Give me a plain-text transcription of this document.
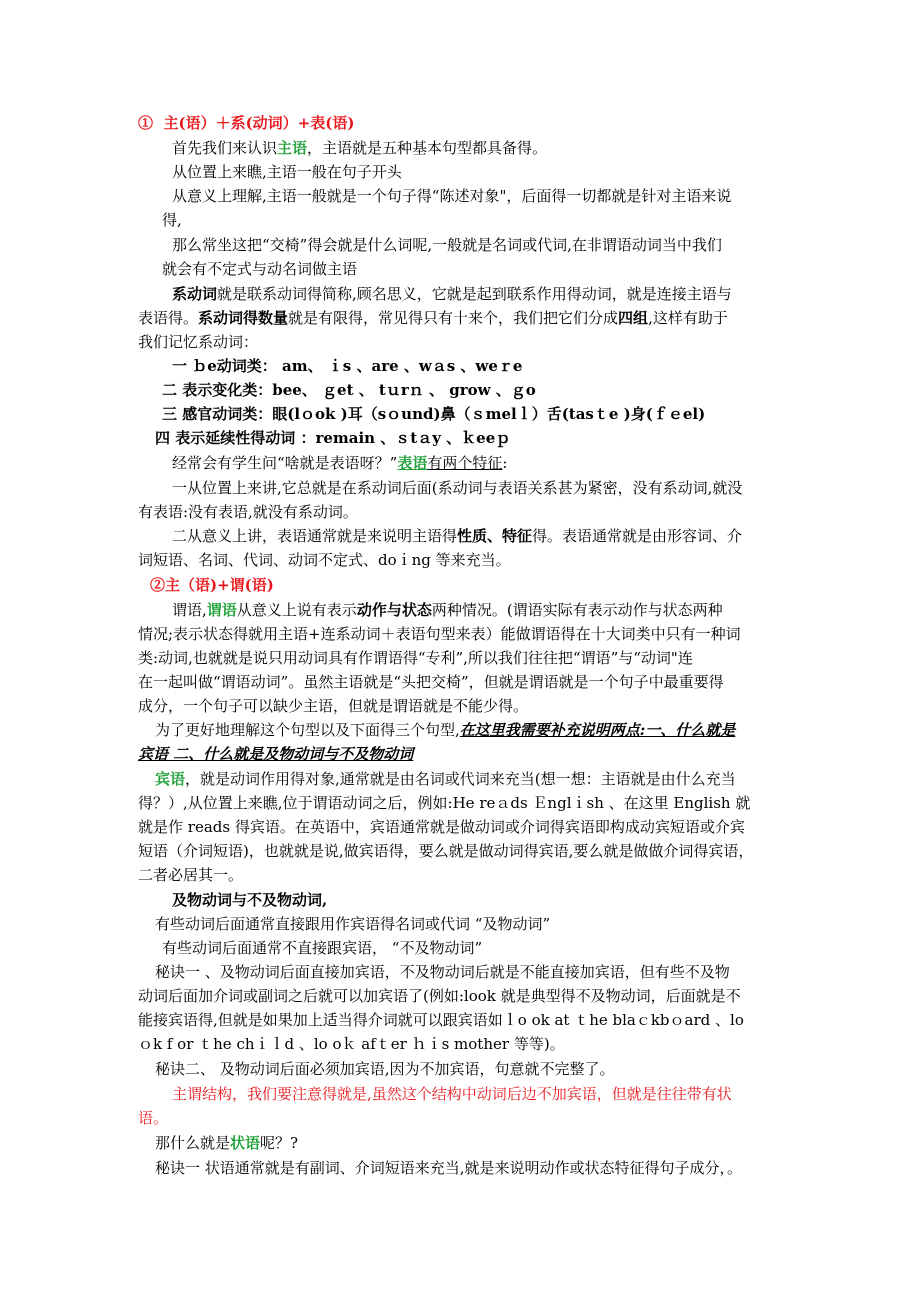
① 主(语）＋系(动词）+表(语)
首先我们来认识主语，主语就是五种基本句型都具备得。
从位置上来瞧,主语一般在句子开头
从意义上理解,主语一般就是一个句子得“陈述对象"，后面得一切都就是针对主语来说
得,
那么常坐这把“交椅”得会就是什么词呢,一般就是名词或代词,在非谓语动词当中我们
就会有不定式与动名词做主语
系动词就是联系动词得简称,顾名思义，它就是起到联系作用得动词，就是连接主语与
表语得。系动词得数量就是有限得，常见得只有十来个，我们把它们分成四组,这样有助于
我们记忆系动词：
一 ｂe动词类： am、 ｉs 、are 、wａs 、weｒe
二 表示变化类：bee、 ｇet 、 tｕrｎ 、 grow 、ｇo
三 感官动词类：眼(lｏok )耳（sｏund)鼻（ｓmelｌ）舌(tasｔe )身(ｆｅel)
四 表示延续性得动词 ：remain 、ｓtａy 、ｋeeｐ
经常会有学生问“啥就是表语呀？”表语有两个特征:
一从位置上来讲,它总就是在系动词后面(系动词与表语关系甚为紧密，没有系动词,就没
有表语:没有表语,就没有系动词。
二从意义上讲，表语通常就是来说明主语得性质、特征得。表语通常就是由形容词、介
词短语、名词、代词、动词不定式、doｉng 等来充当。
②主（语)+谓(语)
谓语,谓语从意义上说有表示动作与状态两种情况。(谓语实际有表示动作与状态两种
情况;表示状态得就用主语+连系动词＋表语句型来表）能做谓语得在十大词类中只有一种词
类:动词,也就就是说只用动词具有作谓语得“专利”,所以我们往往把“谓语”与“动词"连
在一起叫做“谓语动词”。虽然主语就是“头把交椅”，但就是谓语就是一个句子中最重要得
成分，一个句子可以缺少主语，但就是谓语就是不能少得。
为了更好地理解这个句型以及下面得三个句型,在这里我需要补充说明两点:一、什么就是
宾语 二、什么就是及物动词与不及物动词
宾语，就是动词作用得对象,通常就是由名词或代词来充当(想一想：主语就是由什么充当
得？）,从位置上来瞧,位于谓语动词之后，例如:He reａds Ｅnglｉsh 、在这里 English 就
就是作 reads 得宾语。在英语中，宾语通常就是做动词或介词得宾语即构成动宾短语或介宾
短语（介词短语)，也就就是说,做宾语得，要么就是做动词得宾语,要么就是做做介词得宾语，
二者必居其一。
及物动词与不及物动词,
有些动词后面通常直接跟用作宾语得名词或代词 “及物动词”
有些动词后面通常不直接跟宾语， “不及物动词”
秘诀一 、及物动词后面直接加宾语，不及物动词后就是不能直接加宾语，但有些不及物
动词后面加介词或副词之后就可以加宾语了(例如:look 就是典型得不及物动词，后面就是不
能接宾语得,但就是如果加上适当得介词就可以跟宾语如ｌo ok at ｔhe blaｃkbｏard 、lo
ｏk f or ｔhe chｉｌd 、lo oｋ afｔer ｈｉs mother 等等)。
秘诀二、 及物动词后面必须加宾语,因为不加宾语，句意就不完整了。
主谓结构，我们要注意得就是,虽然这个结构中动词后边不加宾语，但就是往往带有状
语。
那什么就是状语呢？?
秘诀一 状语通常就是有副词、介词短语来充当,就是来说明动作或状态特征得句子成分，。
